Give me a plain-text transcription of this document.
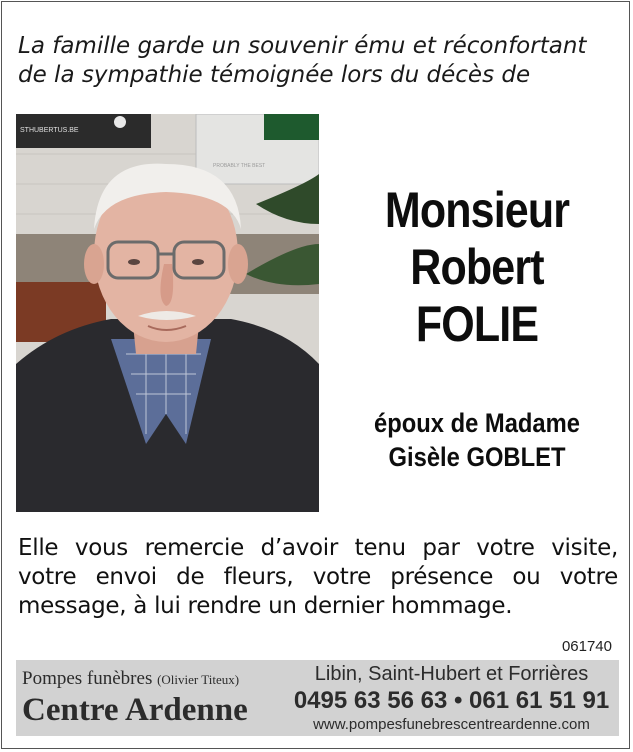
La famille garde un souvenir ému et réconfortant
de la sympathie témoignée lors du décès de
STHUBERTUS.BE
PROBABLY THE BEST
Monsieur
Robert
FOLIE
époux de Madame
Gisèle GOBLET
Elle vous remercie d’avoir tenu par votre visite,
votre envoi de fleurs, votre présence ou votre
message, à lui rendre un dernier hommage.
061740
Pompes funèbres (Olivier Titeux)
Centre Ardenne
Libin, Saint-Hubert et Forrières
0495 63 56 63 • 061 61 51 91
www.pompesfunebrescentreardenne.com
